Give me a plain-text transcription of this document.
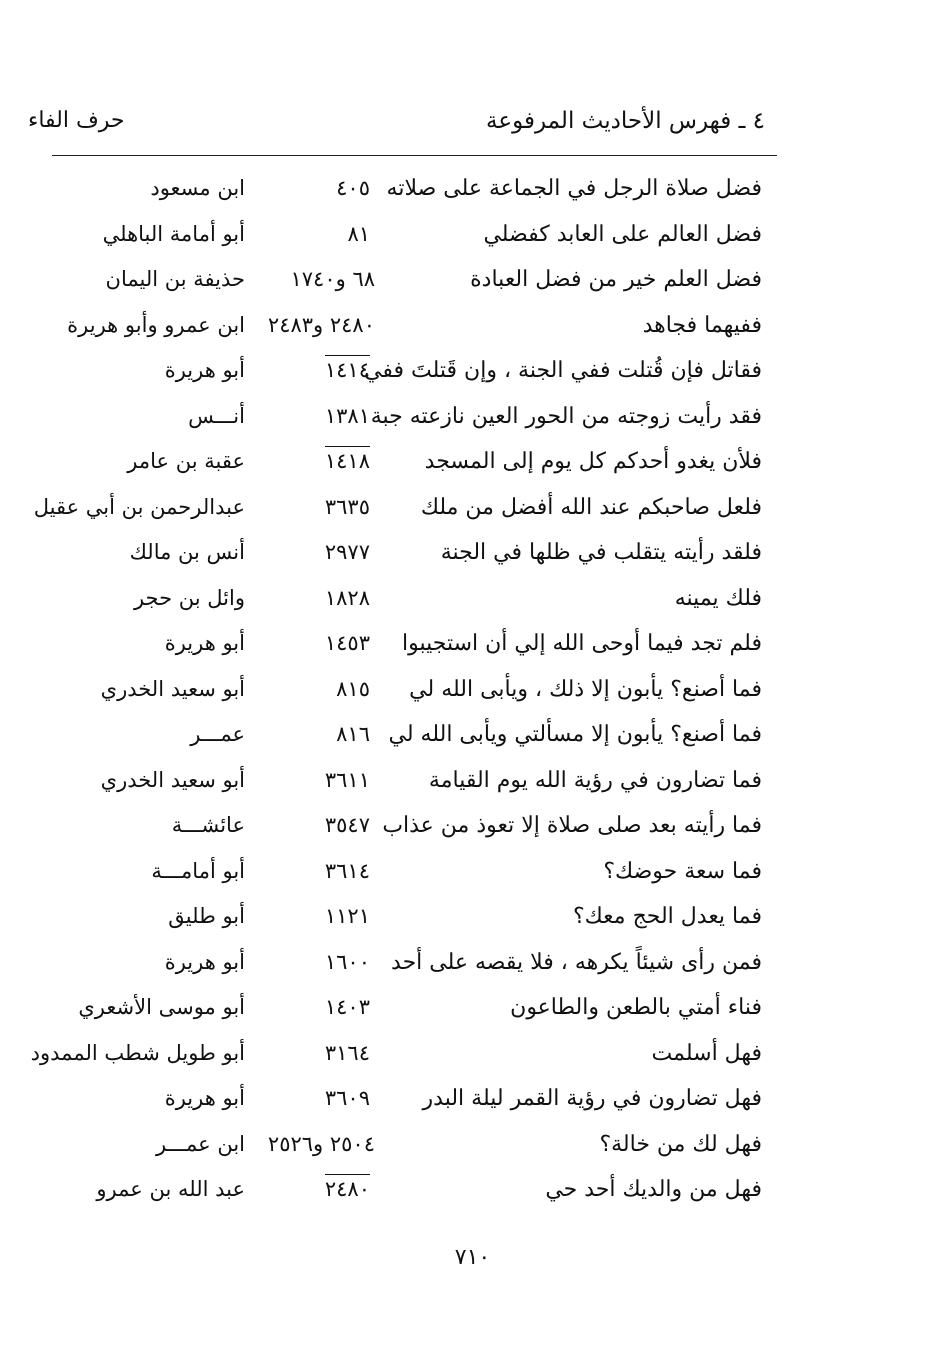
٤ ـ فهرس الأحاديث المرفوعة
حرف الفاء
فضل صلاة الرجل في الجماعة على صلاته
٤٠٥
ابن مسعود
فضل العالم على العابد كفضلي
٨١
أبو أمامة الباهلي
فضل العلم خير من فضل العبادة
٦٨ و١٧٤٠
حذيفة بن اليمان
ففيهما فجاهد
٢٤٨٠ و٢٤٨٣
ابن عمرو وأبو هريرة
فقاتل فإن قُتلت ففي الجنة ، وإن قَتلتَ ففي
١٤١٤
أبو هريرة
فقد رأيت زوجته من الحور العين نازعته جبة
١٣٨١
أنـــس
فلأن يغدو أحدكم كل يوم إلى المسجد
١٤١٨
عقبة بن عامر
فلعل صاحبكم عند الله أفضل من ملك
٣٦٣٥
عبدالرحمن بن أبي عقيل
فلقد رأيته يتقلب في ظلها في الجنة
٢٩٧٧
أنس بن مالك
فلك يمينه
١٨٢٨
وائل بن حجر
فلم تجد فيما أوحى الله إلي أن استجيبوا
١٤٥٣
أبو هريرة
فما أصنع؟ يأبون إلا ذلك ، ويأبى الله لي
٨١٥
أبو سعيد الخدري
فما أصنع؟ يأبون إلا مسألتي ويأبى الله لي
٨١٦
عمـــر
فما تضارون في رؤية الله يوم القيامة
٣٦١١
أبو سعيد الخدري
فما رأيته بعد صلى صلاة إلا تعوذ من عذاب
٣٥٤٧
عائشـــة
فما سعة حوضك؟
٣٦١٤
أبو أمامـــة
فما يعدل الحج معك؟
١١٢١
أبو طليق
فمن رأى شيئاً يكرهه ، فلا يقصه على أحد
١٦٠٠
أبو هريرة
فناء أمتي بالطعن والطاعون
١٤٠٣
أبو موسى الأشعري
فهل أسلمت
٣١٦٤
أبو طويل شطب الممدود
فهل تضارون في رؤية القمر ليلة البدر
٣٦٠٩
أبو هريرة
فهل لك من خالة؟
٢٥٠٤ و٢٥٢٦
ابن عمـــر
فهل من والديك أحد حي
٢٤٨٠
عبد الله بن عمرو
٧١٠
